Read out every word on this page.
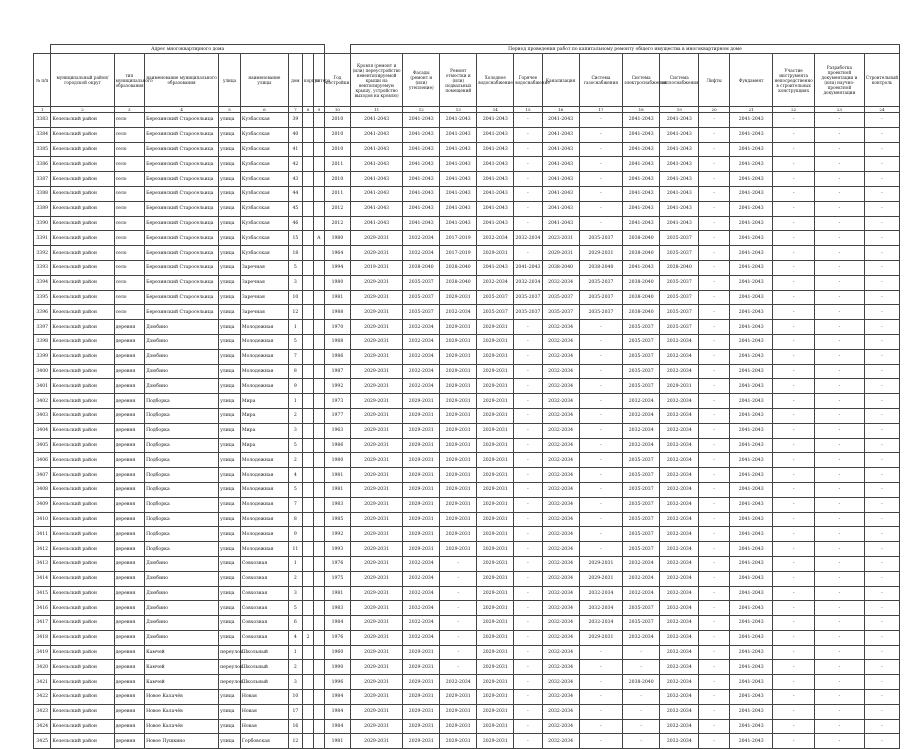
	Адрес многоквартирного дома									Период проведения работ по капитальному ремонту общего имущества в многоквартирном доме													
№ п/п	муниципальный район/ городской округ	тип муниципального образования	наименование муниципального образования	улица	наименование улицы	дом	корпус	литера	Год постройки	Кровля (ремонт и (или) переустройство невентилируемой крыши на вентилируемую крышу, устройство выходов на кровлю)	Фасады (ремонт и (или) утепление)	Ремонт отмостки и (или) подвальных помещений	Холодное водоснабжение	Горячее водоснабжение	Канализация	Система газоснабжения	Система электроснабжения	Система теплоснабжения	Лифты	Фундамент	Участие инструмента непосредственно в строительных конструкциях	Разработка проектной документации и (или) научно-проектной документации	Строительный контроль
1	2	3	4	5	6	7	8	9	10	11	12	13	14	15	16	17	18	19	20	21	22	23	24
3383	Кезельский район	село	Березинский Старосельица	улица	Кузбасская	39			2010	2041-2043	2041-2043	2041-2043	2041-2043	-	2041-2043	-	2041-2043	2041-2043	-	2041-2043	-	-	-
3384	Кезельский район	село	Березинский Старосельица	улица	Кузбасская	40			2010	2041-2043	2041-2043	2041-2043	2041-2043	-	2041-2043	-	2041-2043	2041-2043	-	2041-2043	-	-	-
3385	Кезельский район	село	Березинский Старосельица	улица	Кузбасская	41			2010	2041-2043	2041-2043	2041-2043	2041-2043	-	2041-2043	-	2041-2043	2041-2043	-	2041-2043	-	-	-
3386	Кезельский район	село	Березинский Старосельица	улица	Кузбасская	42			2011	2041-2043	2041-2043	2041-2043	2041-2043	-	2041-2043	-	2041-2043	2041-2043	-	2041-2043	-	-	-
3387	Кезельский район	село	Березинский Старосельица	улица	Кузбасская	43			2010	2041-2043	2041-2043	2041-2043	2041-2043	-	2041-2043	-	2041-2043	2041-2043	-	2041-2043	-	-	-
3388	Кезельский район	село	Березинский Старосельица	улица	Кузбасская	44			2011	2041-2043	2041-2043	2041-2043	2041-2043	-	2041-2043	-	2041-2043	2041-2043	-	2041-2043	-	-	-
3389	Кезельский район	село	Березинский Старосельица	улица	Кузбасская	45			2012	2041-2043	2041-2043	2041-2043	2041-2043	-	2041-2043	-	2041-2043	2041-2043	-	2041-2043	-	-	-
3390	Кезельский район	село	Березинский Старосельица	улица	Кузбасская	46			2012	2041-2043	2041-2043	2041-2043	2041-2043	-	2041-2043	-	2041-2043	2041-2043	-	2041-2043	-	-	-
3391	Кезельский район	село	Березинский Старосельица	улица	Кузбасская	15		А	1980	2029-2031	2032-2034	2017-2019	2032-2034	2032-2034	2023-2031	2035-2037	2038-2040	2035-2037	-	2041-2043	-	-	-
3392	Кезельский район	село	Березинский Старосельица	улица	Кузбасская	18			1964	2029-2031	2032-2034	2017-2019	2029-2031	-	2029-2031	2029-2031	2038-2040	2035-2037	-	2041-2043	-	-	-
3393	Кезельский район	село	Березинский Старосельица	улица	Заречная	5			1994	2019-2031	2038-2040	2038-2040	2041-2043	2041-2043	2038-2040	2038-2040	2041-2043	2038-2040	-	2041-2043	-	-	-
3394	Кезельский район	село	Березинский Старосельица	улица	Заречная	3			1980	2029-2031	2035-2037	2038-2040	2032-2034	2032-2034	2032-2034	2035-2037	2038-2040	2035-2037	-	2041-2043	-	-	-
3395	Кезельский район	село	Березинский Старосельица	улица	Заречная	10			1981	2029-2031	2035-2037	2029-2031	2035-2037	2035-2037	2035-2037	2035-2037	2038-2040	2035-2037	-	2041-2043	-	-	-
3396	Кезельский район	село	Березинский Старосельица	улица	Заречная	12			1988	2029-2031	2035-2037	2032-2034	2035-2037	2035-2037	2035-2037	2035-2037	2038-2040	2035-2037	-	2041-2043	-	-	-
3397	Кезельский район	деревня	Дзюбино	улица	Молодежная	1			1970	2029-2031	2032-2034	2029-2031	2029-2031	-	2032-2034	-	2035-2037	2035-2037	-	2041-2043	-	-	-
3398	Кезельский район	деревня	Дзюбино	улица	Молодежная	5			1988	2029-2031	2032-2034	2029-2031	2029-2031	-	2032-2034	-	2035-2037	2032-2034	-	2041-2043	-	-	-
3399	Кезельский район	деревня	Дзюбино	улица	Молодежная	7			1986	2029-2031	2032-2034	2029-2031	2029-2031	-	2032-2034	-	2035-2037	2032-2034	-	2041-2043	-	-	-
3400	Кезельский район	деревня	Дзюбино	улица	Молодежная	8			1987	2029-2031	2032-2034	2029-2031	2029-2031	-	2032-2034	-	2035-2037	2032-2034	-	2041-2043	-	-	-
3401	Кезельский район	деревня	Дзюбино	улица	Молодежная	9			1992	2029-2031	2032-2034	2029-2031	2029-2031	-	2032-2034	-	2035-2037	2029-2031	-	2041-2043	-	-	-
3402	Кезельский район	деревня	Подборка	улица	Мира	1			1973	2029-2031	2029-2031	2029-2031	2029-2031	-	2032-2034	-	2032-2034	2032-2034	-	2041-2043	-	-	-
3403	Кезельский район	деревня	Подборка	улица	Мира	2			1977	2029-2031	2029-2031	2029-2031	2029-2031	-	2032-2034	-	2032-2034	2032-2034	-	2041-2043	-	-	-
3404	Кезельский район	деревня	Подборка	улица	Мира	3			1963	2029-2031	2029-2031	2029-2031	2029-2031	-	2032-2034	-	2032-2034	2032-2034	-	2041-2043	-	-	-
3405	Кезельский район	деревня	Подборка	улица	Мира	5			1986	2029-2031	2029-2031	2029-2031	2029-2031	-	2032-2034	-	2032-2034	2032-2034	-	2041-2043	-	-	-
3406	Кезельский район	деревня	Подборка	улица	Молодежная	2			1980	2029-2031	2029-2031	2029-2031	2029-2031	-	2032-2034	-	2035-2037	2032-2034	-	2041-2043	-	-	-
3407	Кезельский район	деревня	Подборка	улица	Молодежная	4			1981	2029-2031	2029-2031	2029-2031	2029-2031	-	2032-2034	-	2035-2037	2032-2034	-	2041-2043	-	-	-
3408	Кезельский район	деревня	Подборка	улица	Молодежная	5			1981	2029-2031	2029-2031	2029-2031	2029-2031	-	2032-2034	-	2035-2037	2032-2034	-	2041-2043	-	-	-
3409	Кезельский район	деревня	Подборка	улица	Молодежная	7			1983	2029-2031	2029-2031	2029-2031	2029-2031	-	2032-2034	-	2035-2037	2032-2034	-	2041-2043	-	-	-
3410	Кезельский район	деревня	Подборка	улица	Молодежная	8			1985	2029-2031	2029-2031	2029-2031	2029-2031	-	2032-2034	-	2035-2037	2032-2034	-	2041-2043	-	-	-
3411	Кезельский район	деревня	Подборка	улица	Молодежная	9			1992	2029-2031	2029-2031	2029-2031	2029-2031	-	2032-2034	-	2035-2037	2032-2034	-	2041-2043	-	-	-
3412	Кезельский район	деревня	Подборка	улица	Молодежная	11			1993	2029-2031	2029-2031	2029-2031	2029-2031	-	2032-2034	-	2035-2037	2032-2034	-	2041-2043	-	-	-
3413	Кезельский район	деревня	Дзюбино	улица	Совхозная	1			1976	2029-2031	2032-2034	-	2029-2031	-	2032-2034	2029-2031	2032-2034	2032-2034	-	2041-2043	-	-	-
3414	Кезельский район	деревня	Дзюбино	улица	Совхозная	2			1975	2029-2031	2032-2034	-	2029-2031	-	2032-2034	2029-2031	2032-2034	2032-2034	-	2041-2043	-	-	-
3415	Кезельский район	деревня	Дзюбино	улица	Совхозная	3			1981	2029-2031	2032-2034	-	2029-2031	-	2032-2034	2032-2034	2032-2034	2032-2034	-	2041-2043	-	-	-
3416	Кезельский район	деревня	Дзюбино	улица	Совхозная	5			1983	2029-2031	2032-2034	-	2029-2031	-	2032-2034	2032-2034	2035-2037	2032-2034	-	2041-2043	-	-	-
3417	Кезельский район	деревня	Дзюбино	улица	Совхозная	6			1984	2029-2031	2032-2034	-	2029-2031	-	2032-2034	2032-2034	2035-2037	2032-2034	-	2041-2043	-	-	-
3418	Кезельский район	деревня	Дзюбино	улица	Совхозная	4	2		1976	2029-2031	2032-2034	-	2029-2031	-	2032-2034	2029-2031	2032-2034	2032-2034	-	2041-2043	-	-	-
3419	Кезельский район	деревня	Камчей	переулок	Школьный	1			1960	2029-2031	2029-2031	-	2029-2031	-	2032-2034	-	-	2032-2034	-	2041-2043	-	-	-
3420	Кезельский район	деревня	Камчей	переулок	Школьный	2			1990	2029-2031	2029-2031	-	2029-2031	-	2032-2034	-	-	2032-2034	-	2041-2043	-	-	-
3421	Кезельский район	деревня	Камчей	переулок	Школьный	3			1996	2029-2031	2029-2031	2032-2034	2029-2031	-	2032-2034	-	2038-2040	2032-2034	-	2041-2043	-	-	-
3422	Кезельский район	деревня	Новое Калачёв	улица	Новая	10			1984	2029-2031	2029-2031	2029-2031	2029-2031	-	2032-2034	-	-	2032-2034	-	2041-2043	-	-	-
3423	Кезельский район	деревня	Новое Калачёв	улица	Новая	17			1984	2029-2031	2029-2031	2029-2031	2029-2031	-	2032-2034	-	-	2032-2034	-	2041-2043	-	-	-
3424	Кезельский район	деревня	Новое Калачёв	улица	Новая	16			1984	2029-2031	2029-2031	2029-2031	2029-2031	-	2032-2034	-	-	2032-2034	-	2041-2043	-	-	-
3425	Кезельский район	деревня	Новое Пушкино	улица	Горбовская	12			1981	2029-2031	2029-2031	2029-2031	2029-2031	-	2032-2034	-	-	2032-2034	-	2041-2043	-	-	-
